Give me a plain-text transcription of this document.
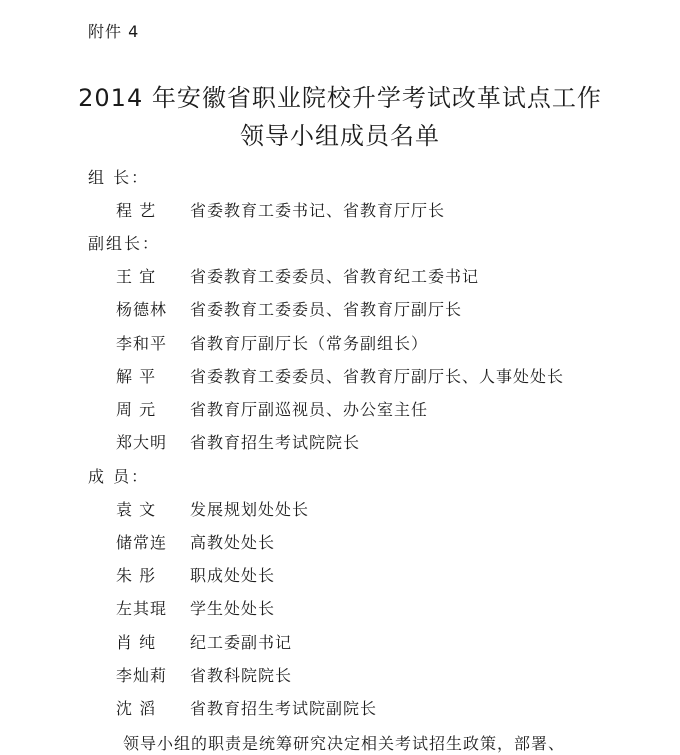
附件 4
2014 年安徽省职业院校升学考试改革试点工作
领导小组成员名单
组 长：
程 艺 省委教育工委书记、省教育厅厅长
副组长：
王 宜 省委教育工委委员、省教育纪工委书记
杨德林 省委教育工委委员、省教育厅副厅长
李和平 省教育厅副厅长（常务副组长）
解 平 省委教育工委委员、省教育厅副厅长、人事处处长
周 元 省教育厅副巡视员、办公室主任
郑大明 省教育招生考试院院长
成 员：
袁 文 发展规划处处长
储常连 高教处处长
朱 彤 职成处处长
左其琨 学生处处长
肖 纯 纪工委副书记
李灿莉 省教科院院长
沈 滔 省教育招生考试院副院长
领导小组的职责是统筹研究决定相关考试招生政策，部署、
